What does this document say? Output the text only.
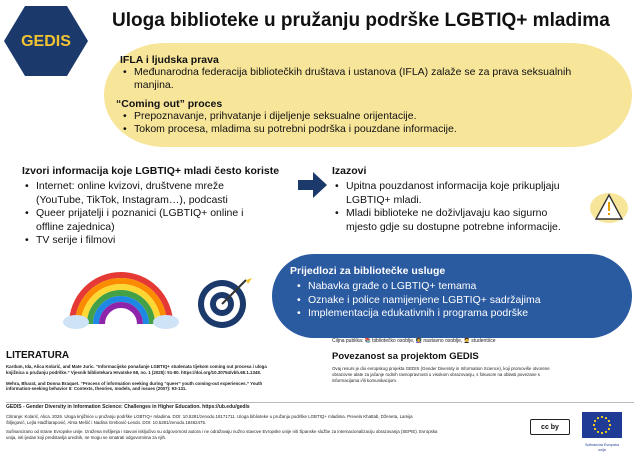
GEDIS
Uloga biblioteke u pružanju podrške LGBTIQ+ mladima
IFLA i ljudska prava
• Međunarodna federacija bibliotečkih društava i ustanova (IFLA) zalaže se za prava seksualnih
manjina.
“Coming out” proces
• Prepoznavanje, prihvatanje i dijeljenje seksualne orijentacije.
• Tokom procesa, mladima su potrebni podrška i pouzdane informacije.
Izvori informacija koje LGBTIQ+ mladi često koriste
• Internet: online kvizovi, društvene mreže
(YouTube, TikTok, Instagram…), podcasti
• Queer prijatelji i poznanici (LGBTIQ+ online i
offline zajednica)
• TV serije i filmovi
Izazovi
• Upitna pouzdanost informacija koje prikupljaju
LGBTIQ+ mladi.
• Mladi biblioteke ne doživljavaju kao sigurno
mjesto gdje su dostupne potrebne informacije.
Prijedlozi za bibliotečke usluge
• Nabavka građe o LGBTIQ+ temama
• Oznake i police namijenjene LGBTIQ+ sadržajima
• Implementacija edukativnih i programa podrške
Ciljna publika: 📚 bibliotečko osoblje, 👩‍🏫 nastavno osoblje, 🧑‍🎓 studenti/ce
LITERATURA
Kardum, Ida, Alica Kolarić, and Mate Juric. “Informacijsko ponašanje LGBTIQ+ studenata tijekom coming out procesa i uloga
knjižnica u pružanju podrške.” Vjesnik bibliotekara Hrvatske 68, no. 1 (2025): 51-80. https://doi.org/10.30754/vbh.68.1.1348.
Mehra, Bharat, and Donna Braquet. “Process of information seeking during “queer” youth coming-out experiences.” Youth
information-seeking behavior II: Contexts, theories, models, and issues (2007): 93-131.
Povezanost sa projektom GEDIS
Ovaj resurs je dio evropskog projekta GEDIS (Gender Diversity in Information Science), koji promoviše otvorene
obrazovne alate za jačanje rodnih ravnopravnosti u visokom obrazovanju, s fokusom na oblasti povezane s
informacijama i/ili komunikacijom.
GEDIS - Gender Diversity in Information Science: Challenges in Higher Education. https://ub.edu/gedis
Citiranje: Kolarić, Alica. 2026. Uloga knjižnice u pružanju podrške LGBTIQ+ mladima. DOI: 10.5281/zenodo.18171711. Uloga biblioteke u pružanju podrške LGBTIQ+ mladima. Prevela Khattab, Dženeta, Lamija
Šiljegović, Lejla Hadžiarapović, Alma Mešić i Nadina Grebović-Lendo. DOI: 10.5281/zenodo.18462475.
Sufinancirano od strane Evropske unije. Izražena mišljenja i stavovi isključivo su odgovornost autora i ne odražavaju nužno stavove Evropske unije niti Španske službe za internacionalizaciju obrazovanja (SEPIE). Evropska
unija, niti ijedan koji predstavlja urednik, ne mogu se smatrati odgovornima za njih.
cc by
Sufinancira Evropska unija
